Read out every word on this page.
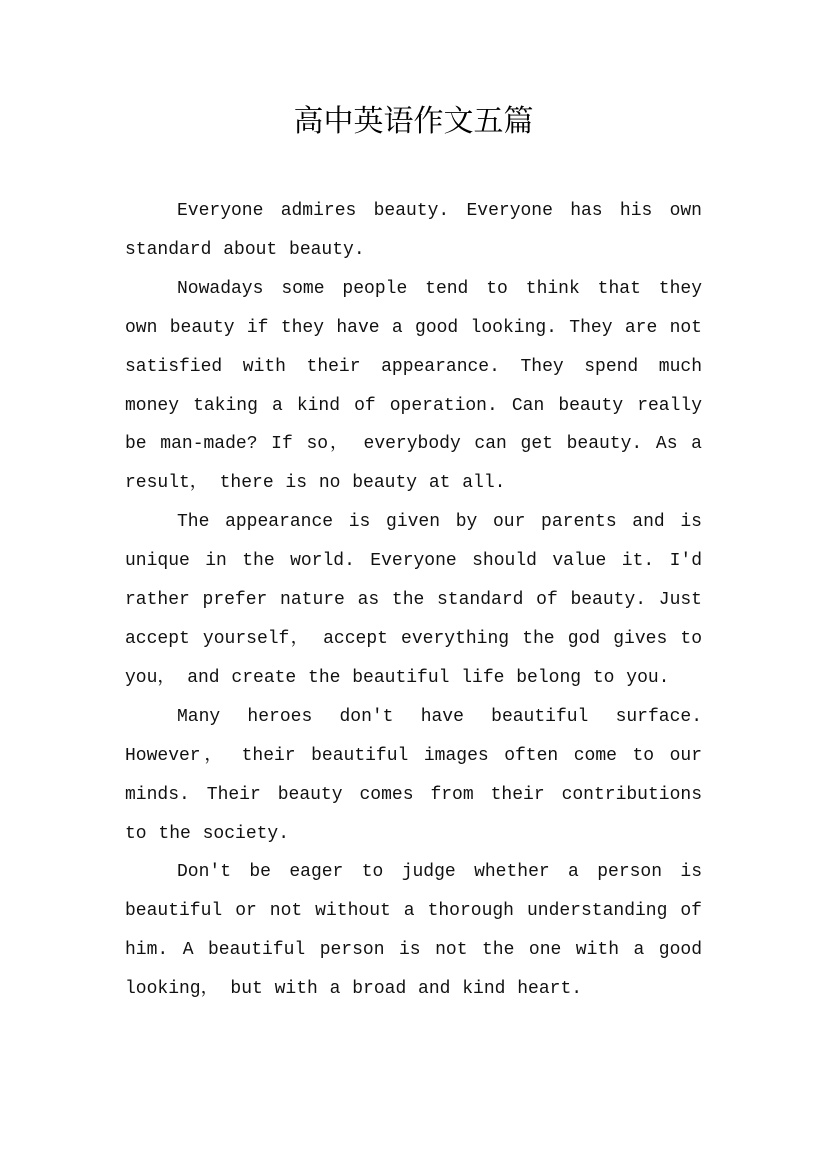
高中英语作文五篇

Everyone admires beauty. Everyone has his own standard about beauty.

Nowadays some people tend to think that they own beauty if they have a good looking. They are not satisfied with their appearance. They spend much money taking a kind of operation. Can beauty really be man-made? If so， everybody can get beauty. As a result， there is no beauty at all.

The appearance is given by our parents and is unique in the world. Everyone should value it. I'd rather prefer nature as the standard of beauty. Just accept yourself， accept everything the god gives to you， and create the beautiful life belong to you.

Many heroes don't have beautiful surface. However， their beautiful images often come to our minds. Their beauty comes from their contributions to the society.

Don't be eager to judge whether a person is beautiful or not without a thorough understanding of him. A beautiful person is not the one with a good looking， but with a broad and kind heart.
